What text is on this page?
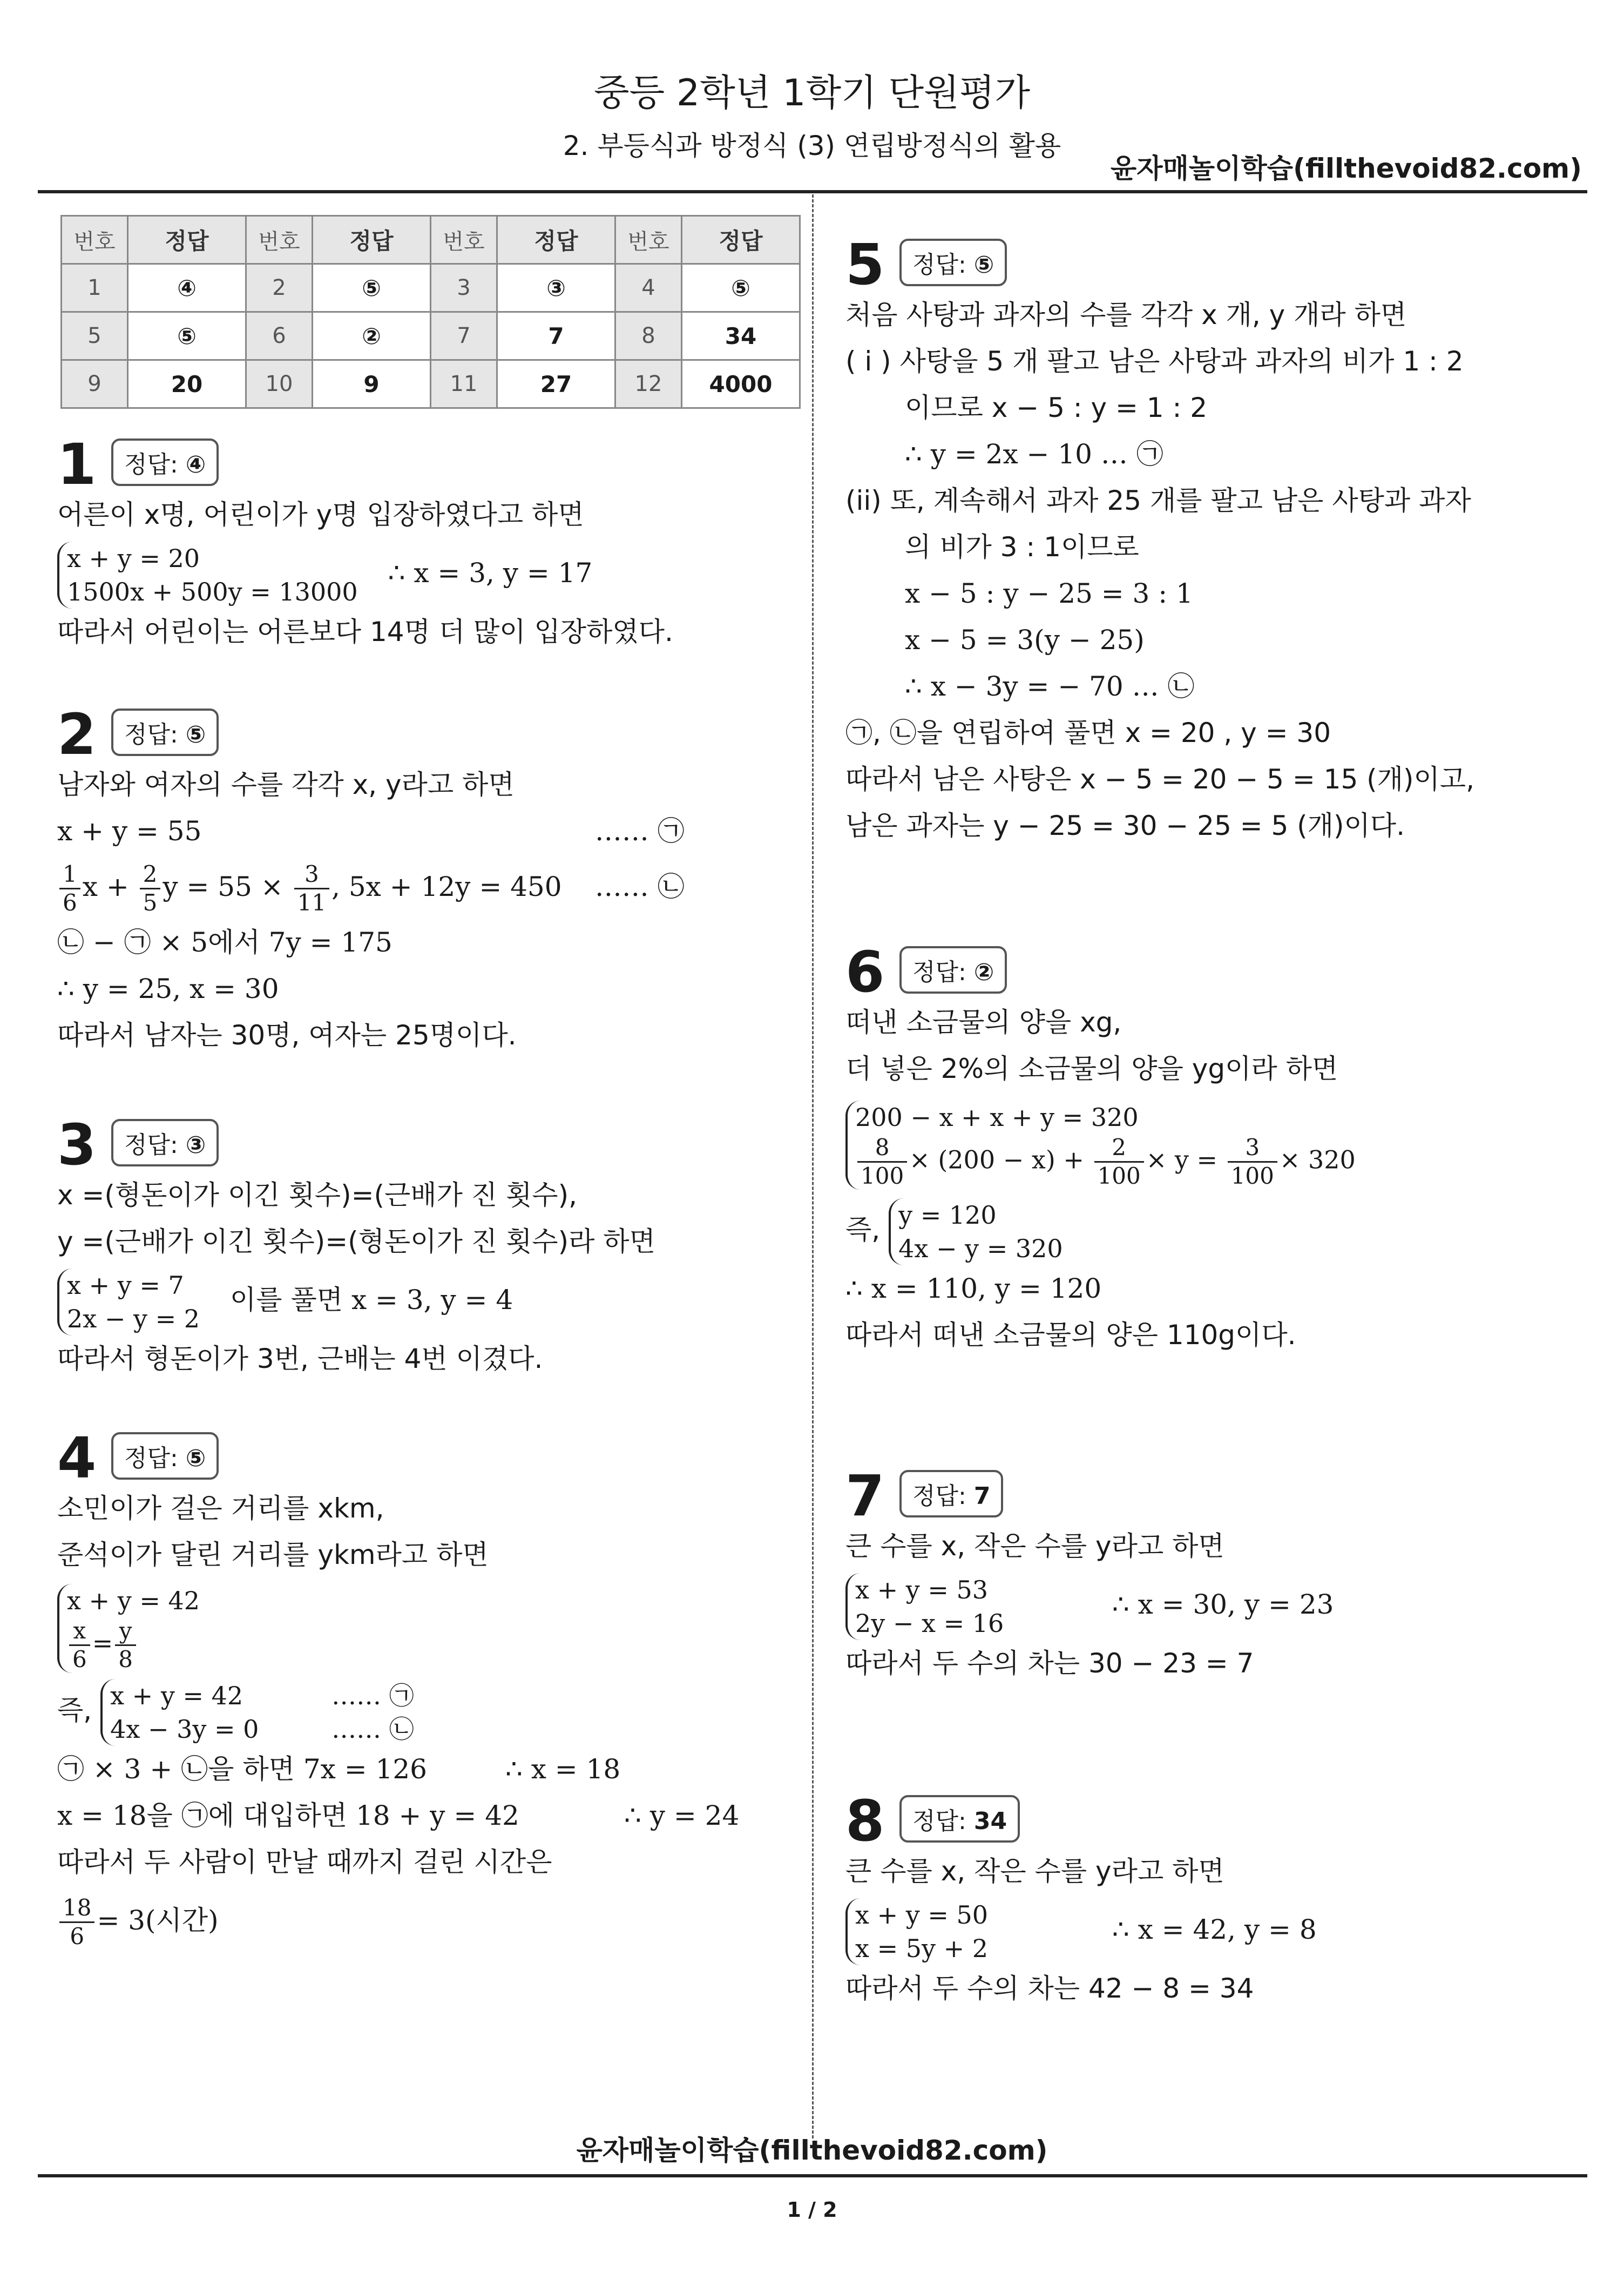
중등 2학년 1학기 단원평가
2. 부등식과 방정식 (3) 연립방정식의 활용
윤자매놀이학습(fillthevoid82.com)
번호	정답	번호	정답	번호	정답	번호	정답
1	④	2	⑤	3	③	4	⑤
5	⑤	6	②	7	7	8	34
9	20	10	9	11	27	12	4000
1	정답: ④
어른이 x명, 어린이가 y명 입장하였다고 하면
x + y = 20
1500x + 500y = 13000
∴ x = 3, y = 17
따라서 어린이는 어른보다 14명 더 많이 입장하였다.
2	정답: ⑤
남자와 여자의 수를 각각 x, y라고 하면
x + y = 55	…… ㉠
$\frac{1}{6}$ $x + \frac{2}{5}$ $y = 55 \times \frac{3}{11}$ , 5x + 12y = 450 …… ㉡
㉡ − ㉠ × 5에서 7y = 175
∴ y = 25, x = 30
따라서 남자는 30명, 여자는 25명이다.
3	정답: ③
x =(형돈이가 이긴 횟수)=(근배가 진 횟수),
y =(근배가 이긴 횟수)=(형돈이가 진 횟수)라 하면
x + y = 7
2x − y = 2
이를 풀면 x = 3, y = 4
따라서 형돈이가 3번, 근배는 4번 이겼다.
4	정답: ⑤
소민이가 걸은 거리를 xkm,
준석이가 달린 거리를 ykm라고 하면
x + y = 42
$\frac{x}{6} = \frac{y}{8}$
즉, x + y = 42	…… ㉠
4x − 3y = 0	…… ㉡
㉠ × 3 + ㉡을 하면 7x = 126	∴ x = 18
x = 18을 ㉠에 대입하면 18 + y = 42	∴ y = 24
따라서 두 사람이 만날 때까지 걸린 시간은
$\frac{18}{6} = 3$(시간)
5	정답: ⑤
처음 사탕과 과자의 수를 각각 x 개, y 개라 하면
( i ) 사탕을 5 개 팔고 남은 사탕과 과자의 비가 1 : 2
이므로 x − 5 : y = 1 : 2
∴ y = 2x − 10 … ㉠
(ii) 또, 계속해서 과자 25 개를 팔고 남은 사탕과 과자
의 비가 3 : 1이므로
x − 5 : y − 25 = 3 : 1
x − 5 = 3(y − 25)
∴ x − 3y = − 70 … ㉡
㉠, ㉡을 연립하여 풀면 x = 20 , y = 30
따라서 남은 사탕은 x − 5 = 20 − 5 = 15 (개)이고,
남은 과자는 y − 25 = 30 − 25 = 5 (개)이다.
6	정답: ②
떠낸 소금물의 양을 xg,
더 넣은 2%의 소금물의 양을 yg이라 하면
200 − x + x + y = 320
$\frac{8}{100} \times (200 - x) + \frac{2}{100} \times y = \frac{3}{100} \times 320$
즉, y = 120
4x − y = 320
∴ x = 110, y = 120
따라서 떠낸 소금물의 양은 110g이다.
7	정답: 7
큰 수를 x, 작은 수를 y라고 하면
x + y = 53
2y − x = 16
∴ x = 30, y = 23
따라서 두 수의 차는 30 − 23 = 7
8	정답: 34
큰 수를 x, 작은 수를 y라고 하면
x + y = 50
x = 5y + 2
∴ x = 42, y = 8
따라서 두 수의 차는 42 − 8 = 34
윤자매놀이학습(fillthevoid82.com)
1 / 2
